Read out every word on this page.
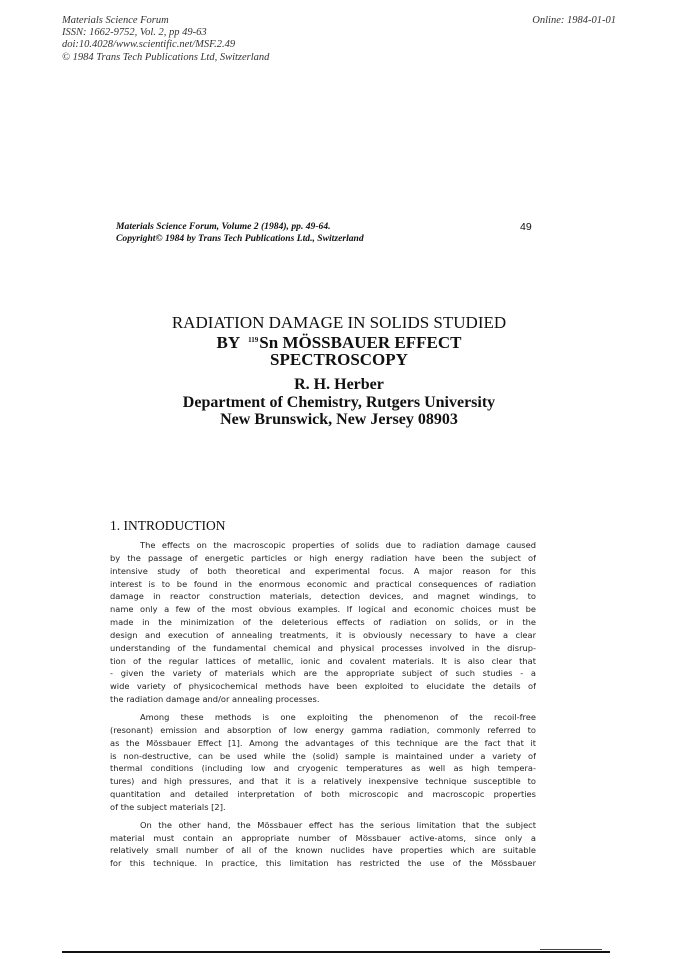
Materials Science Forum
ISSN: 1662-9752, Vol. 2, pp 49-63
doi:10.4028/www.scientific.net/MSF.2.49
© 1984 Trans Tech Publications Ltd, Switzerland
Online: 1984-01-01
Materials Science Forum, Volume 2 (1984), pp. 49-64.
Copyright© 1984 by Trans Tech Publications Ltd., Switzerland
49
RADIATION DAMAGE IN SOLIDS STUDIED
BY $^{119}$Sn MÖSSBAUER EFFECT
SPECTROSCOPY
R. H. Herber
Department of Chemistry, Rutgers University
New Brunswick, New Jersey 08903
1. INTRODUCTION
The effects on the macroscopic properties of solids due to radiation damage caused
by the passage of energetic particles or high energy radiation have been the subject of
intensive study of both theoretical and experimental focus. A major reason for this
interest is to be found in the enormous economic and practical consequences of radiation
damage in reactor construction materials, detection devices, and magnet windings, to
name only a few of the most obvious examples. If logical and economic choices must be
made in the minimization of the deleterious effects of radiation on solids, or in the
design and execution of annealing treatments, it is obviously necessary to have a clear
understanding of the fundamental chemical and physical processes involved in the disrup-
tion of the regular lattices of metallic, ionic and covalent materials. It is also clear that
- given the variety of materials which are the appropriate subject of such studies - a
wide variety of physicochemical methods have been exploited to elucidate the details of
the radiation damage and/or annealing processes.
Among these methods is one exploiting the phenomenon of the recoil-free
(resonant) emission and absorption of low energy gamma radiation, commonly referred to
as the Mössbauer Effect [1]. Among the advantages of this technique are the fact that it
is non-destructive, can be used while the (solid) sample is maintained under a variety of
thermal conditions (including low and cryogenic temperatures as well as high tempera-
tures) and high pressures, and that it is a relatively inexpensive technique susceptible to
quantitation and detailed interpretation of both microscopic and macroscopic properties
of the subject materials [2].
On the other hand, the Mössbauer effect has the serious limitation that the subject
material must contain an appropriate number of Mössbauer active-atoms, since only a
relatively small number of all of the known nuclides have properties which are suitable
for this technique. In practice, this limitation has restricted the use of the Mössbauer
